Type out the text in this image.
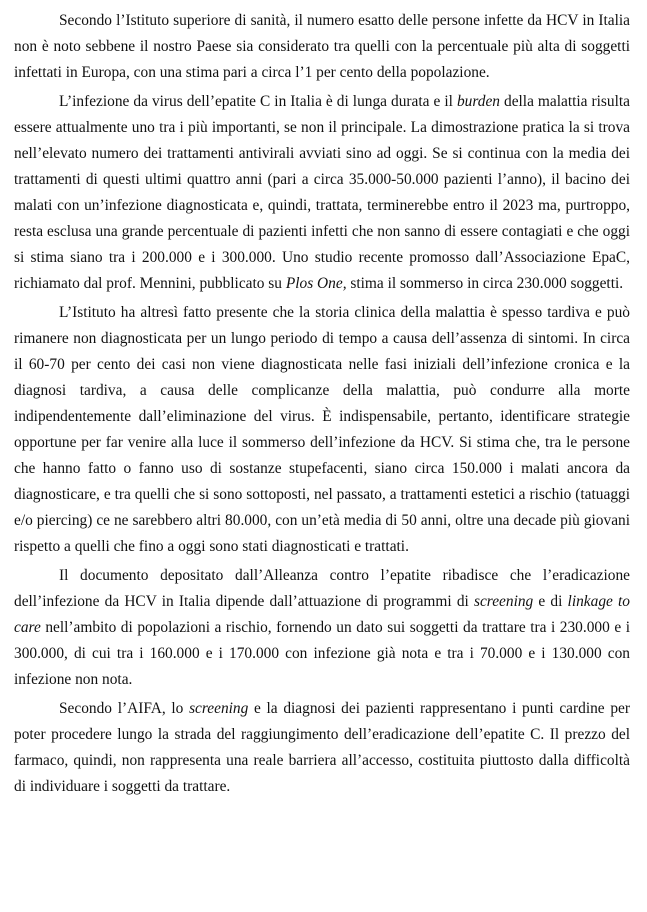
Secondo l’Istituto superiore di sanità, il numero esatto delle persone infette da HCV in Italia non è noto sebbene il nostro Paese sia considerato tra quelli con la percentuale più alta di soggetti infettati in Europa, con una stima pari a circa l’1 per cento della popolazione.

L’infezione da virus dell’epatite C in Italia è di lunga durata e il burden della malattia risulta essere attualmente uno tra i più importanti, se non il principale. La dimostrazione pratica la si trova nell’elevato numero dei trattamenti antivirali avviati sino ad oggi. Se si continua con la media dei trattamenti di questi ultimi quattro anni (pari a circa 35.000-50.000 pazienti l’anno), il bacino dei malati con un’infezione diagnosticata e, quindi, trattata, terminerebbe entro il 2023 ma, purtroppo, resta esclusa una grande percentuale di pazienti infetti che non sanno di essere contagiati e che oggi si stima siano tra i 200.000 e i 300.000. Uno studio recente promosso dall’Associazione EpaC, richiamato dal prof. Mennini, pubblicato su Plos One, stima il sommerso in circa 230.000 soggetti.

L’Istituto ha altresì fatto presente che la storia clinica della malattia è spesso tardiva e può rimanere non diagnosticata per un lungo periodo di tempo a causa dell’assenza di sintomi. In circa il 60-70 per cento dei casi non viene diagnosticata nelle fasi iniziali dell’infezione cronica e la diagnosi tardiva, a causa delle complicanze della malattia, può condurre alla morte indipendentemente dall’eliminazione del virus. È indispensabile, pertanto, identificare strategie opportune per far venire alla luce il sommerso dell’infezione da HCV. Si stima che, tra le persone che hanno fatto o fanno uso di sostanze stupefacenti, siano circa 150.000 i malati ancora da diagnosticare, e tra quelli che si sono sottoposti, nel passato, a trattamenti estetici a rischio (tatuaggi e/o piercing) ce ne sarebbero altri 80.000, con un’età media di 50 anni, oltre una decade più giovani rispetto a quelli che fino a oggi sono stati diagnosticati e trattati.

Il documento depositato dall’Alleanza contro l’epatite ribadisce che l’eradicazione dell’infezione da HCV in Italia dipende dall’attuazione di programmi di screening e di linkage to care nell’ambito di popolazioni a rischio, fornendo un dato sui soggetti da trattare tra i 230.000 e i 300.000, di cui tra i 160.000 e i 170.000 con infezione già nota e tra i 70.000 e i 130.000 con infezione non nota.

Secondo l’AIFA, lo screening e la diagnosi dei pazienti rappresentano i punti cardine per poter procedere lungo la strada del raggiungimento dell’eradicazione dell’epatite C. Il prezzo del farmaco, quindi, non rappresenta una reale barriera all’accesso, costituita piuttosto dalla difficoltà di individuare i soggetti da trattare.
